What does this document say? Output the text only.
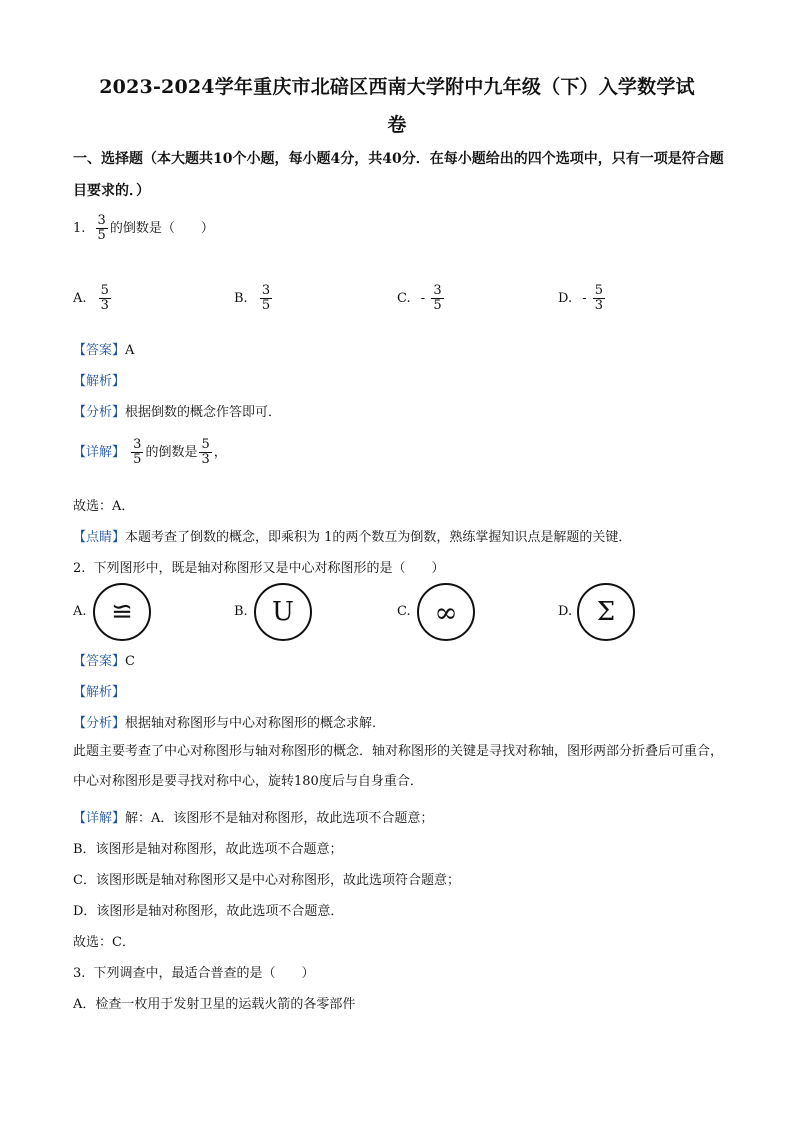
2023-2024学年重庆市北碚区西南大学附中九年级（下）入学数学试
卷
一、选择题（本大题共10个小题，每小题4分，共40分．在每小题给出的四个选项中，只有一项是符合题目要求的．）
1. $\frac{3}{5}$ 的倒数是（　　）
A. $\frac{5}{3}$	B. $\frac{3}{5}$	C. - $\frac{3}{5}$	D. - $\frac{5}{3}$
【答案】A
【解析】
【分析】根据倒数的概念作答即可．
【详解】 $\frac{3}{5}$ 的倒数是 $\frac{5}{3}$ ，
故选：A．
【点睛】本题考查了倒数的概念，即乘积为 1的两个数互为倒数，熟练掌握知识点是解题的关键．
2. 下列图形中，既是轴对称图形又是中心对称图形的是（　　）
A. ≌	B. U	C. ∞	D. Σ
【答案】C
【解析】
【分析】根据轴对称图形与中心对称图形的概念求解．
此题主要考查了中心对称图形与轴对称图形的概念．轴对称图形的关键是寻找对称轴，图形两部分折叠后可重合，中心对称图形是要寻找对称中心，旋转180度后与自身重合．
【详解】解：A．该图形不是轴对称图形，故此选项不合题意；
B．该图形是轴对称图形，故此选项不合题意；
C．该图形既是轴对称图形又是中心对称图形，故此选项符合题意；
D．该图形是轴对称图形，故此选项不合题意．
故选：C．
3. 下列调查中，最适合普查的是（　　）
A．检查一枚用于发射卫星的运载火箭的各零部件
